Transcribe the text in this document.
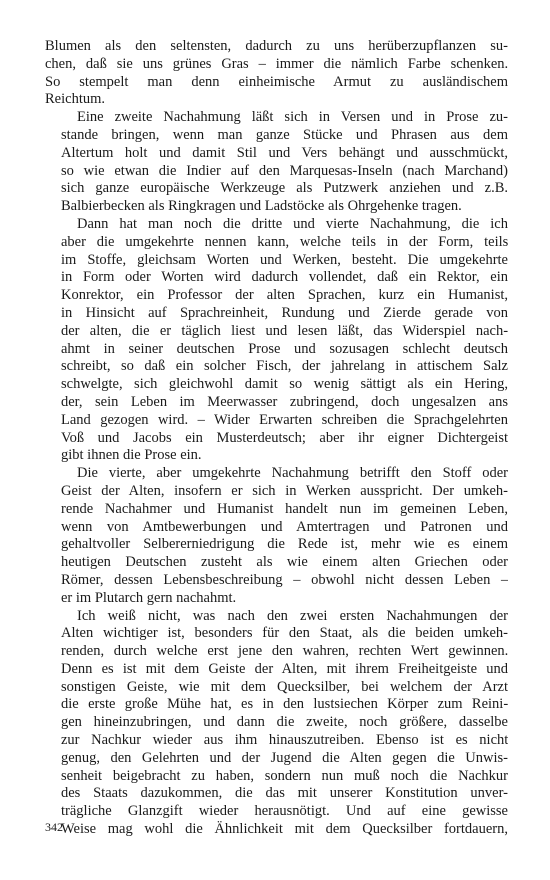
Blumen als den seltensten, dadurch zu uns herüberzupflanzen su-
chen, daß sie uns grünes Gras – immer die nämlich Farbe schenken.
So stempelt man denn einheimische Armut zu ausländischem
Reichtum.
Eine zweite Nachahmung läßt sich in Versen und in Prose zu-
stande bringen, wenn man ganze Stücke und Phrasen aus dem
Altertum holt und damit Stil und Vers behängt und ausschmückt,
so wie etwan die Indier auf den Marquesas-Inseln (nach Marchand)
sich ganze europäische Werkzeuge als Putzwerk anziehen und z.B.
Balbierbecken als Ringkragen und Ladstöcke als Ohrgehenke tragen.
Dann hat man noch die dritte und vierte Nachahmung, die ich
aber die umgekehrte nennen kann, welche teils in der Form, teils
im Stoffe, gleichsam Worten und Werken, besteht. Die umgekehrte
in Form oder Worten wird dadurch vollendet, daß ein Rektor, ein
Konrektor, ein Professor der alten Sprachen, kurz ein Humanist,
in Hinsicht auf Sprachreinheit, Rundung und Zierde gerade von
der alten, die er täglich liest und lesen läßt, das Widerspiel nach-
ahmt in seiner deutschen Prose und sozusagen schlecht deutsch
schreibt, so daß ein solcher Fisch, der jahrelang in attischem Salz
schwelgte, sich gleichwohl damit so wenig sättigt als ein Hering,
der, sein Leben im Meerwasser zubringend, doch ungesalzen ans
Land gezogen wird. – Wider Erwarten schreiben die Sprachgelehrten
Voß und Jacobs ein Musterdeutsch; aber ihr eigner Dichtergeist
gibt ihnen die Prose ein.
Die vierte, aber umgekehrte Nachahmung betrifft den Stoff oder
Geist der Alten, insofern er sich in Werken ausspricht. Der umkeh-
rende Nachahmer und Humanist handelt nun im gemeinen Leben,
wenn von Amtbewerbungen und Amtertragen und Patronen und
gehaltvoller Selbererniedrigung die Rede ist, mehr wie es einem
heutigen Deutschen zusteht als wie einem alten Griechen oder
Römer, dessen Lebensbeschreibung – obwohl nicht dessen Leben –
er im Plutarch gern nachahmt.
Ich weiß nicht, was nach den zwei ersten Nachahmungen der
Alten wichtiger ist, besonders für den Staat, als die beiden umkeh-
renden, durch welche erst jene den wahren, rechten Wert gewinnen.
Denn es ist mit dem Geiste der Alten, mit ihrem Freiheitgeiste und
sonstigen Geiste, wie mit dem Quecksilber, bei welchem der Arzt
die erste große Mühe hat, es in den lustsiechen Körper zum Reini-
gen hineinzubringen, und dann die zweite, noch größere, dasselbe
zur Nachkur wieder aus ihm hinauszutreiben. Ebenso ist es nicht
genug, den Gelehrten und der Jugend die Alten gegen die Unwis-
senheit beigebracht zu haben, sondern nun muß noch die Nachkur
des Staats dazukommen, die das mit unserer Konstitution unver-
trägliche Glanzgift wieder herausnötigt. Und auf eine gewisse
Weise mag wohl die Ähnlichkeit mit dem Quecksilber fortdauern,
342
